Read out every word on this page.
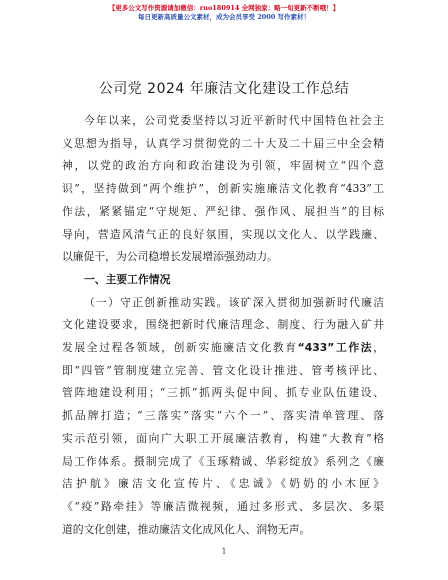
【更多公文写作资源请加微信：ruo180914 全网独家：略一旬更新不断哦！】
每日更新高质量公文素材，成为会员享受 2000 写作素材！
公司党 2024 年廉洁文化建设工作总结
今年以来，公司党委坚持以习近平新时代中国特色社会主
义思想为指导，认真学习贯彻党的二十大及二十届三中全会精
神，以党的政治方向和政治建设为引领，牢固树立“四个意
识”，坚持做到“两个维护”，创新实施廉洁文化教育“433”工
作法，紧紧锚定“守规矩、严纪律、强作风、展担当”的目标
导向，营造风清气正的良好氛围，实现以文化人、以学践廉、
以廉促干，为公司稳增长发展增添强劲动力。
一、主要工作情况
（一）守正创新推动实践。该矿深入贯彻加强新时代廉洁
文化建设要求，围绕把新时代廉洁理念、制度、行为融入矿井
发展全过程各领域，创新实施廉洁文化教育“433”工作法，
即“四管”管制度建立完善、管文化设计推进、管考核评比、
管阵地建设利用；“三抓”抓两头促中间、抓专业队伍建设、
抓品牌打造；“三落实”落实“六个一”、落实清单管理、落
实示范引领，面向广大职工开展廉洁教育，构建“大教育”格
局工作体系。摄制完成了《玉琢精诚、华彩绽放》系列之《廉
洁护航》廉洁文化宣传片、《忠诚》《奶奶的小木匣》
《“疫”路牵挂》等廉洁微视频，通过多形式、多层次、多渠
道的文化创建，推动廉洁文化成风化人、润物无声。
1
